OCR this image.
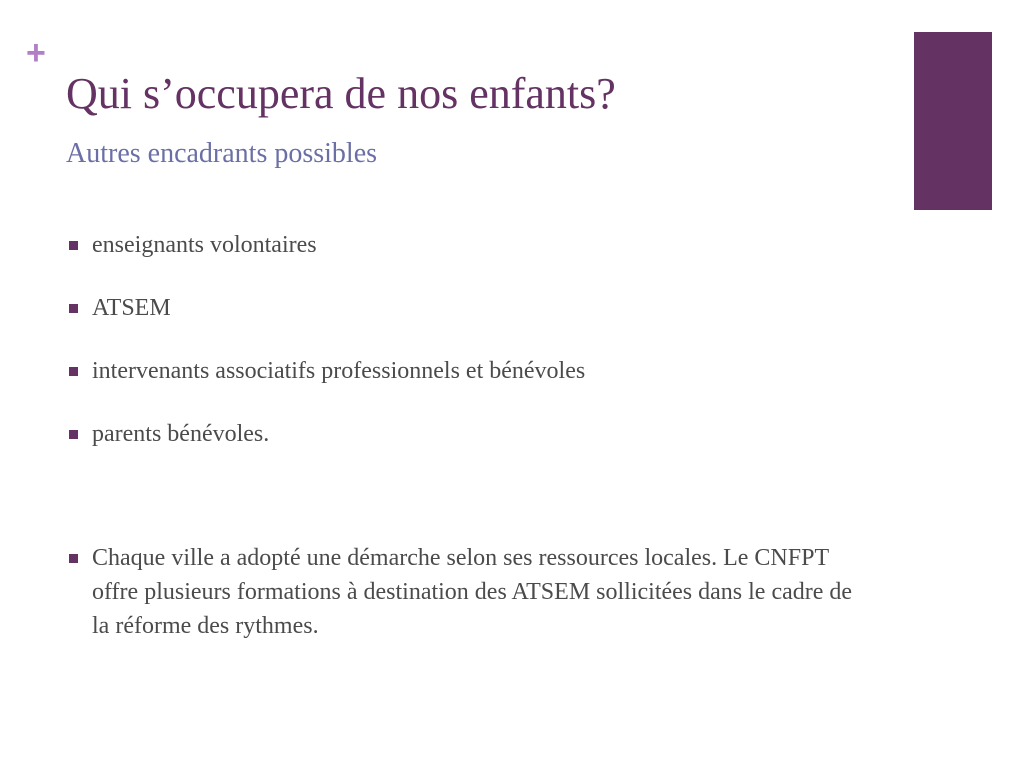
+
Qui s’occupera de nos enfants?
Autres encadrants possibles
enseignants volontaires
ATSEM
intervenants associatifs professionnels et bénévoles
parents bénévoles.
Chaque ville a adopté une démarche selon ses ressources locales. Le CNFPT offre plusieurs formations à destination des ATSEM sollicitées dans le cadre de la réforme des rythmes.
